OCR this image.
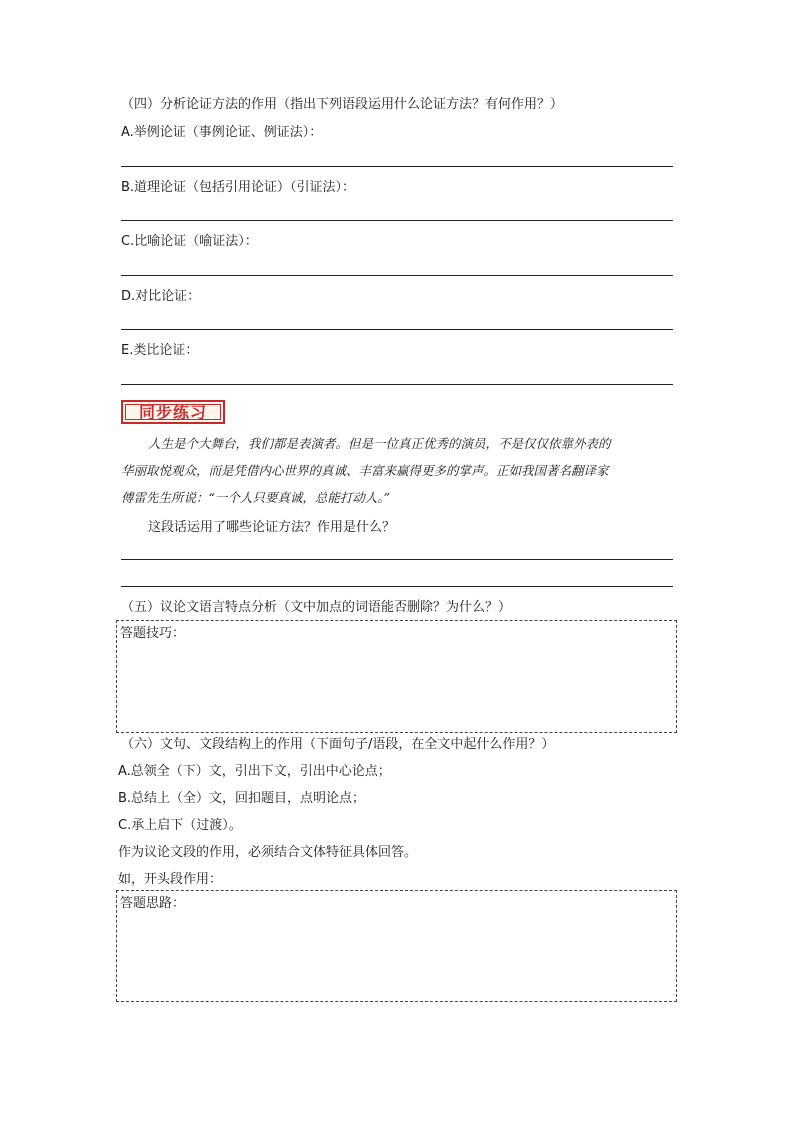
（四）分析论证方法的作用（指出下列语段运用什么论证方法？有何作用？）
A.举例论证（事例论证、例证法）：
B.道理论证（包括引用论证）（引证法）：
C.比喻论证（喻证法）：
D.对比论证：
E.类比论证：
同步练习
人生是个大舞台，我们都是表演者。但是一位真正优秀的演员，不是仅仅依靠外表的
华丽取悦观众，而是凭借内心世界的真诚、丰富来赢得更多的掌声。正如我国著名翻译家
傅雷先生所说：“一个人只要真诚，总能打动人。”
这段话运用了哪些论证方法？作用是什么？
（五）议论文语言特点分析（文中加点的词语能否删除？为什么？）
答题技巧：
（六）文句、文段结构上的作用（下面句子/语段，在全文中起什么作用？）
A.总领全（下）文，引出下文，引出中心论点；
B.总结上（全）文，回扣题目，点明论点；
C.承上启下（过渡）。
作为议论文段的作用，必须结合文体特征具体回答。
如，开头段作用：
答题思路：
